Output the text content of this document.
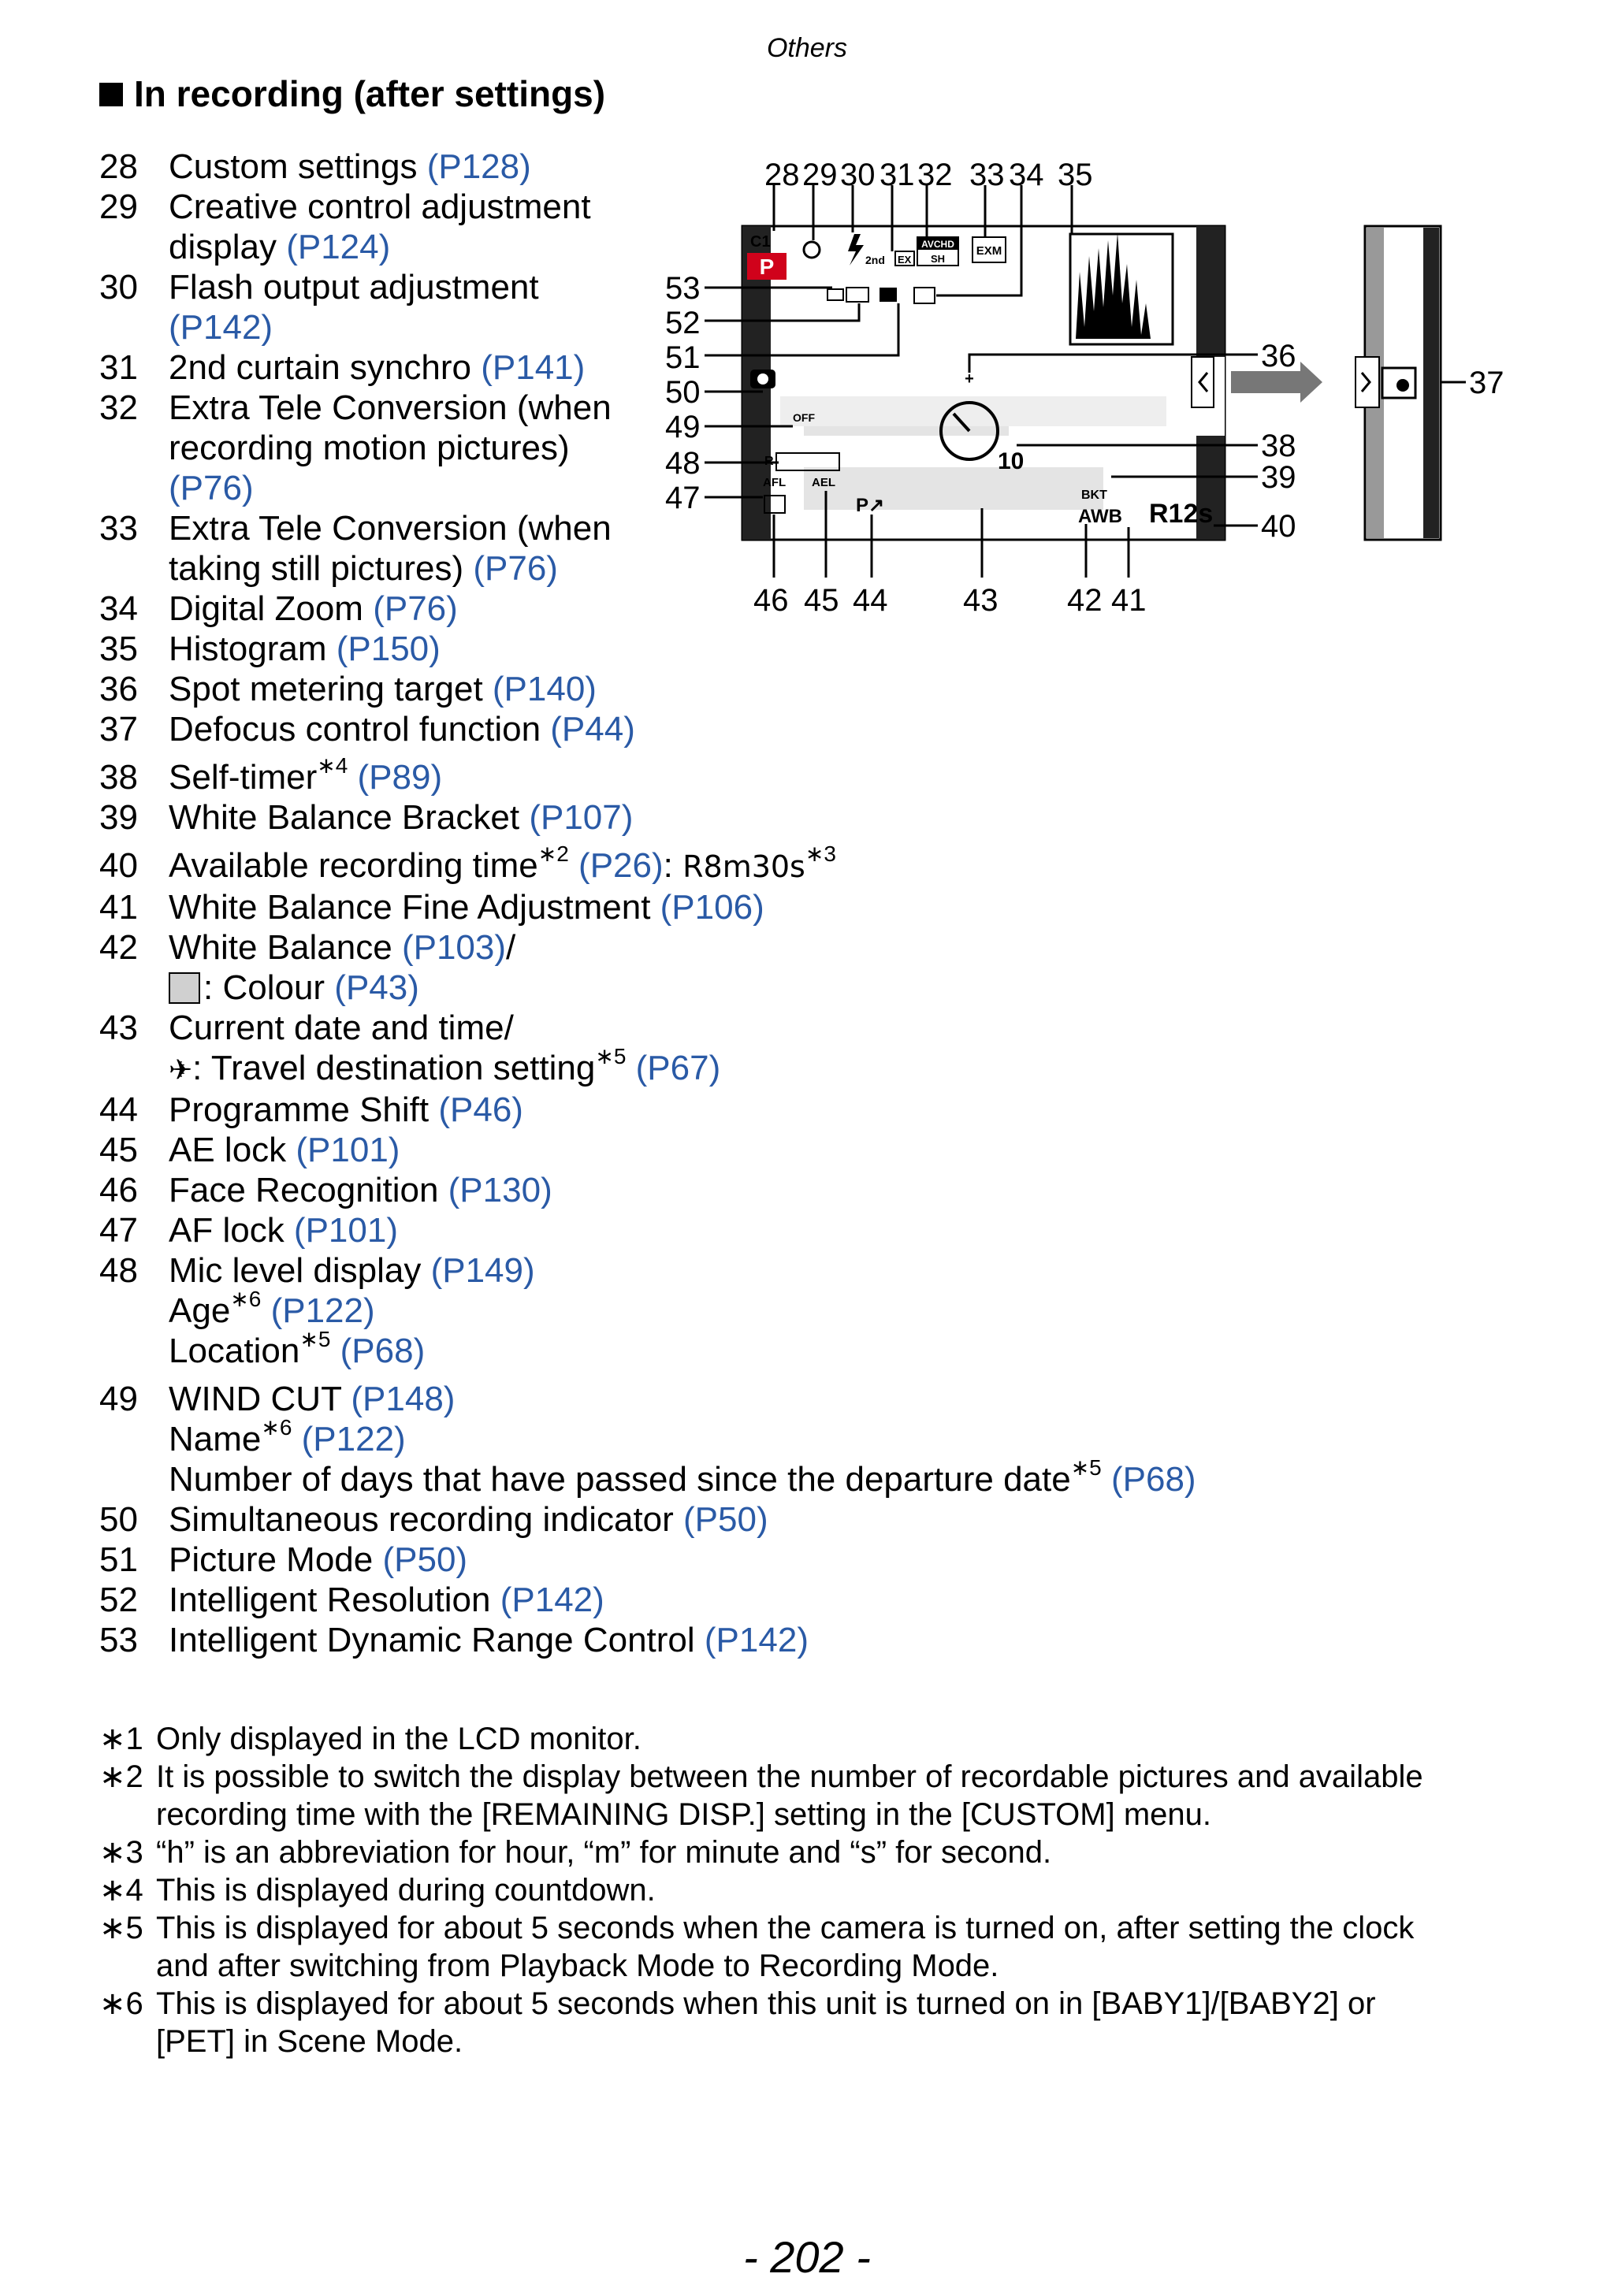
Others
In recording (after settings)
28 Custom settings (P128)
29 Creative control adjustment
display (P124)
30 Flash output adjustment
(P142)
31 2nd curtain synchro (P141)
32 Extra Tele Conversion (when
recording motion pictures)
(P76)
33 Extra Tele Conversion (when
taking still pictures) (P76)
34 Digital Zoom (P76)
35 Histogram (P150)
36 Spot metering target (P140)
37 Defocus control function (P44)
38 Self-timer$^{∗4}$ (P89)
39 White Balance Bracket (P107)
40 Available recording time$^{∗2}$ (P26): $R8m30s^{∗3}$
41 White Balance Fine Adjustment (P106)
42 White Balance (P103)/
: Colour (P43)
43 Current date and time/
✈: Travel destination setting$^{∗5}$ (P67)
44 Programme Shift (P46)
45 AE lock (P101)
46 Face Recognition (P130)
47 AF lock (P101)
48 Mic level display (P149)
Age$^{∗6}$ (P122)
Location$^{∗5}$ (P68)
49 WIND CUT (P148)
Name$^{∗6}$ (P122)
Number of days that have passed since the departure date$^{∗5}$ (P68)
50 Simultaneous recording indicator (P50)
51 Picture Mode (P50)
52 Intelligent Resolution (P142)
53 Intelligent Dynamic Range Control (P142)
P
C1
2nd EX
AVCHD
SH
EXM
OFF
R
AFL AEL
P↗
10
+
BKT
AWB R12s
28 29 30 31 32 33 34 35
53
52
51
50
49
48
47
36
37
38
39
40
46 45 44 43 42 41
∗1 Only displayed in the LCD monitor.
∗2 It is possible to switch the display between the number of recordable pictures and available
recording time with the [REMAINING DISP.] setting in the [CUSTOM] menu.
∗3 “h” is an abbreviation for hour, “m” for minute and “s” for second.
∗4 This is displayed during countdown.
∗5 This is displayed for about 5 seconds when the camera is turned on, after setting the clock
and after switching from Playback Mode to Recording Mode.
∗6 This is displayed for about 5 seconds when this unit is turned on in [BABY1]/[BABY2] or
[PET] in Scene Mode.
- 202 -
